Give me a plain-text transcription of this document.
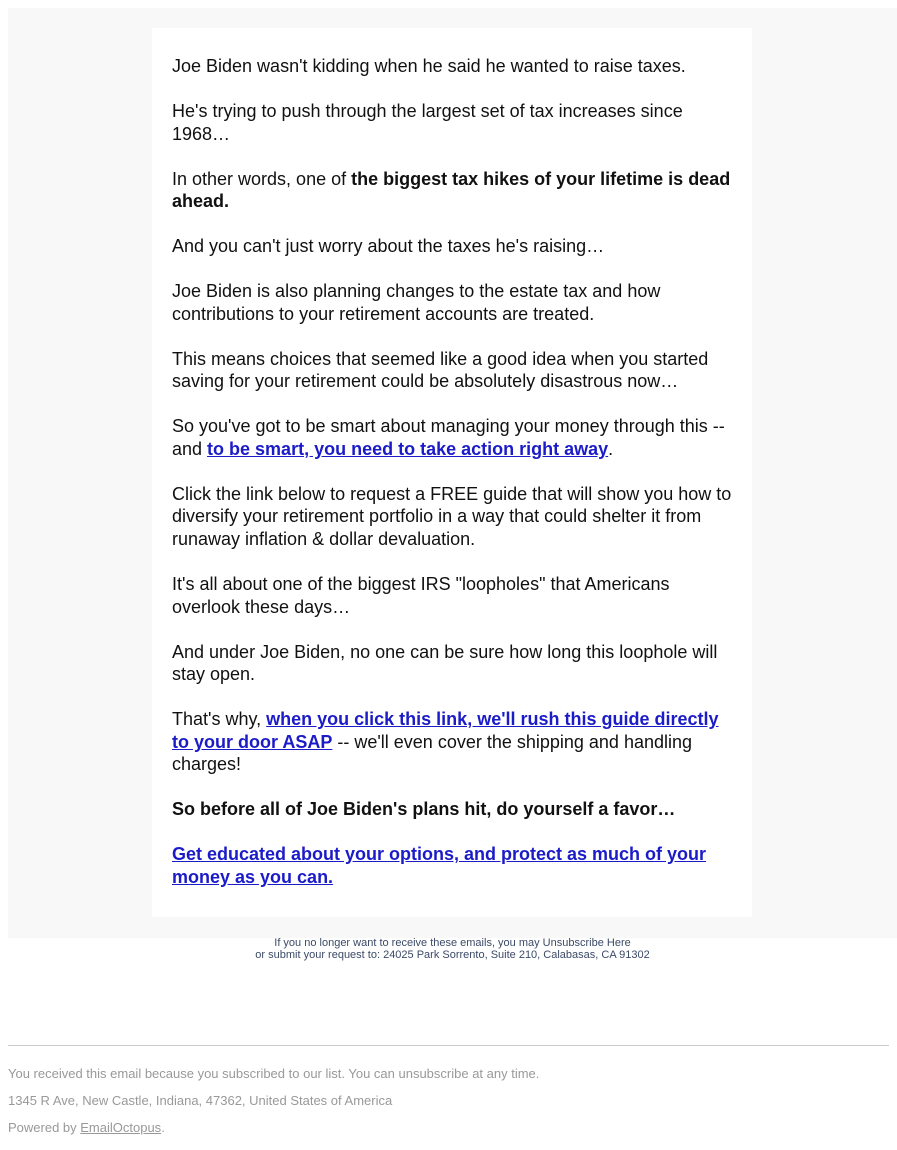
Joe Biden wasn't kidding when he said he wanted to raise taxes.

He's trying to push through the largest set of tax increases since 1968…

In other words, one of the biggest tax hikes of your lifetime is dead ahead.

And you can't just worry about the taxes he's raising…

Joe Biden is also planning changes to the estate tax and how contributions to your retirement accounts are treated.

This means choices that seemed like a good idea when you started saving for your retirement could be absolutely disastrous now…

So you've got to be smart about managing your money through this -- and to be smart, you need to take action right away.

Click the link below to request a FREE guide that will show you how to diversify your retirement portfolio in a way that could shelter it from runaway inflation & dollar devaluation.

It's all about one of the biggest IRS "loopholes" that Americans overlook these days…

And under Joe Biden, no one can be sure how long this loophole will stay open.

That's why, when you click this link, we'll rush this guide directly to your door ASAP -- we'll even cover the shipping and handling charges!

So before all of Joe Biden's plans hit, do yourself a favor…

Get educated about your options, and protect as much of your money as you can.

If you no longer want to receive these emails, you may Unsubscribe Here
or submit your request to: 24025 Park Sorrento, Suite 210, Calabasas, CA 91302

You received this email because you subscribed to our list. You can unsubscribe at any time.

1345 R Ave, New Castle, Indiana, 47362, United States of America

Powered by EmailOctopus.
